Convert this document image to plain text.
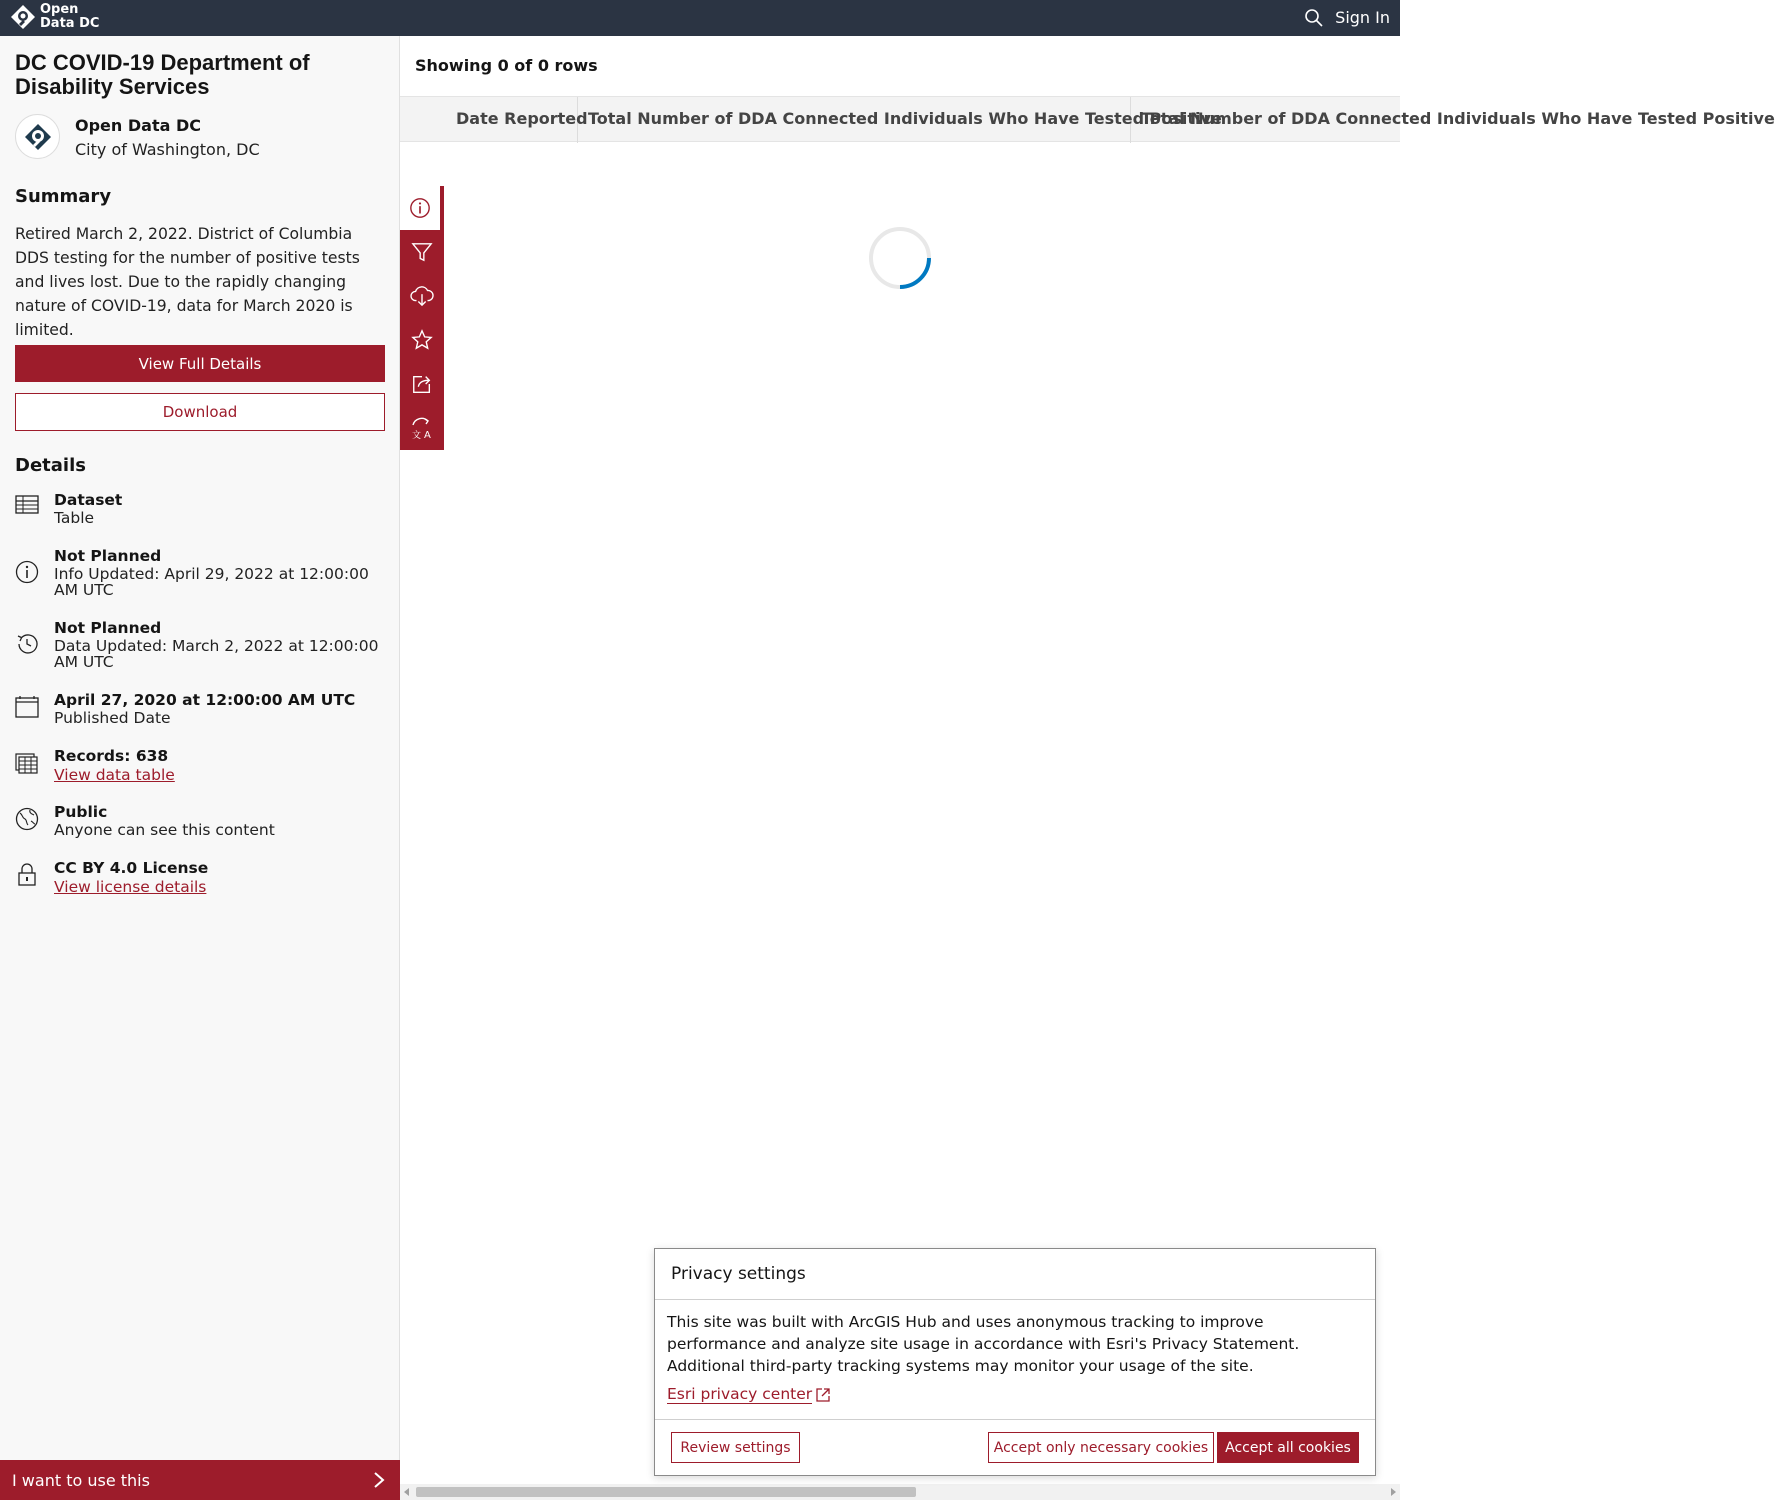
Open
Data DC	Sign In
DC COVID-19 Department of Disability Services
Open Data DC
City of Washington, DC
Summary
Retired March 2, 2022. District of Columbia DDS testing for the number of positive tests and lives lost. Due to the rapidly changing nature of COVID-19, data for March 2020 is limited.
View Full Details
Download
Details
Dataset
Table
Not Planned
Info Updated: April 29, 2022 at 12:00:00 AM UTC
Not Planned
Data Updated: March 2, 2022 at 12:00:00 AM UTC
April 27, 2020 at 12:00:00 AM UTC
Published Date
Records: 638
View data table
Public
Anyone can see this content
CC BY 4.0 License
View license details
I want to use this
Showing 0 of 0 rows
Date Reported Total Number of DDA Connected Individuals Who Have Tested Positive
Total Number of DDA Connected Individuals Who Have Tested Positive
文 A
Privacy settings
This site was built with ArcGIS Hub and uses anonymous tracking to improve performance and analyze site usage in accordance with Esri's Privacy Statement. Additional third-party tracking systems may monitor your usage of the site.
Esri privacy center
Review settings	Accept only necessary cookies	Accept all cookies
